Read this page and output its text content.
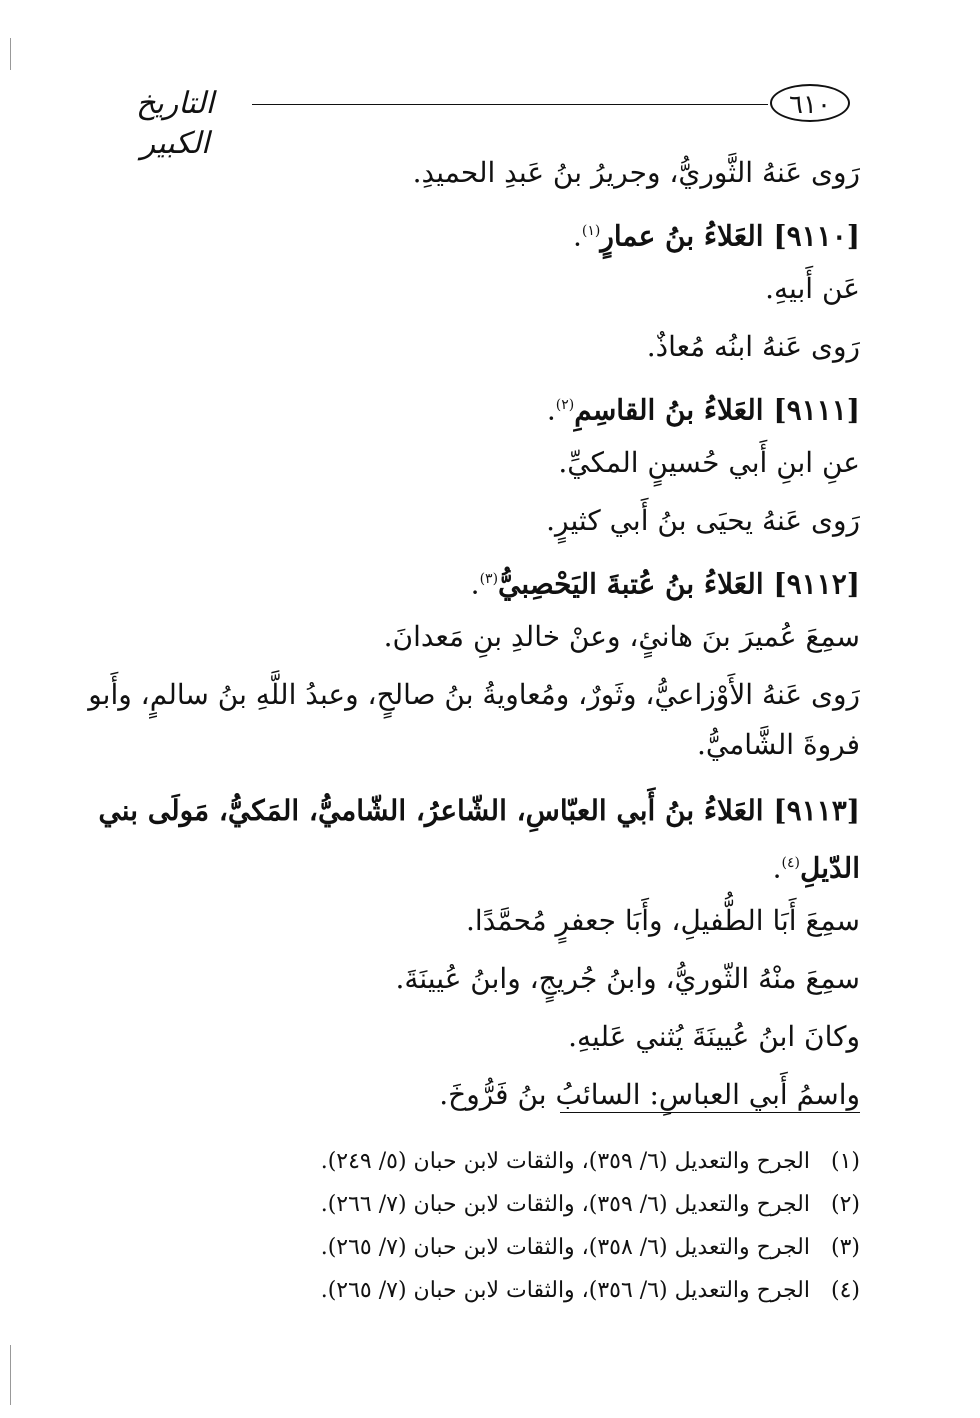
٦١٠
التاريخ الكبير
رَوى عَنهُ الثَّوريُّ، وجريرُ بنُ عَبدِ الحميدِ.
[٩١١٠] العَلاءُ بنُ عمارٍ$^{(١)}$.
عَن أَبيهِ.
رَوى عَنهُ ابنُه مُعاذٌ.
[٩١١١] العَلاءُ بنُ القاسِمِ$^{(٢)}$.
عنِ ابنِ أَبي حُسينٍ المكيِّ.
رَوى عَنهُ يحيَى بنُ أَبي كثيرٍ.
[٩١١٢] العَلاءُ بنُ عُتبةَ اليَحْصِبيُّ$^{(٣)}$.
سمِعَ عُميرَ بنَ هانئٍ، وعنْ خالدِ بنِ مَعدانَ.
رَوى عَنهُ الأَوْزاعيُّ، وثَورٌ، ومُعاويةُ بنُ صالحٍ، وعبدُ اللَّهِ بنُ سالمٍ، وأَبو
فروةَ الشَّاميُّ.
[٩١١٣] العَلاءُ بنُ أَبي العبّاسِ، الشّاعرُ، الشّاميُّ، المَكيُّ، مَولَى بني
الدّيلِ$^{(٤)}$.
سمِعَ أَبَا الطُّفيلِ، وأَبَا جعفرٍ مُحمَّدًا.
سمِعَ منْهُ الثّوريُّ، وابنُ جُريجٍ، وابنُ عُيينَةَ.
وكانَ ابنُ عُيينَةَ يُثني عَليهِ.
واسمُ أَبي العباسِ: السائبُ بنُ فَرُّوخَ.
(١)الجرح والتعديل (٦/ ٣٥٩)، والثقات لابن حبان (٥/ ٢٤٩).
(٢)الجرح والتعديل (٦/ ٣٥٩)، والثقات لابن حبان (٧/ ٢٦٦).
(٣)الجرح والتعديل (٦/ ٣٥٨)، والثقات لابن حبان (٧/ ٢٦٥).
(٤)الجرح والتعديل (٦/ ٣٥٦)، والثقات لابن حبان (٧/ ٢٦٥).
